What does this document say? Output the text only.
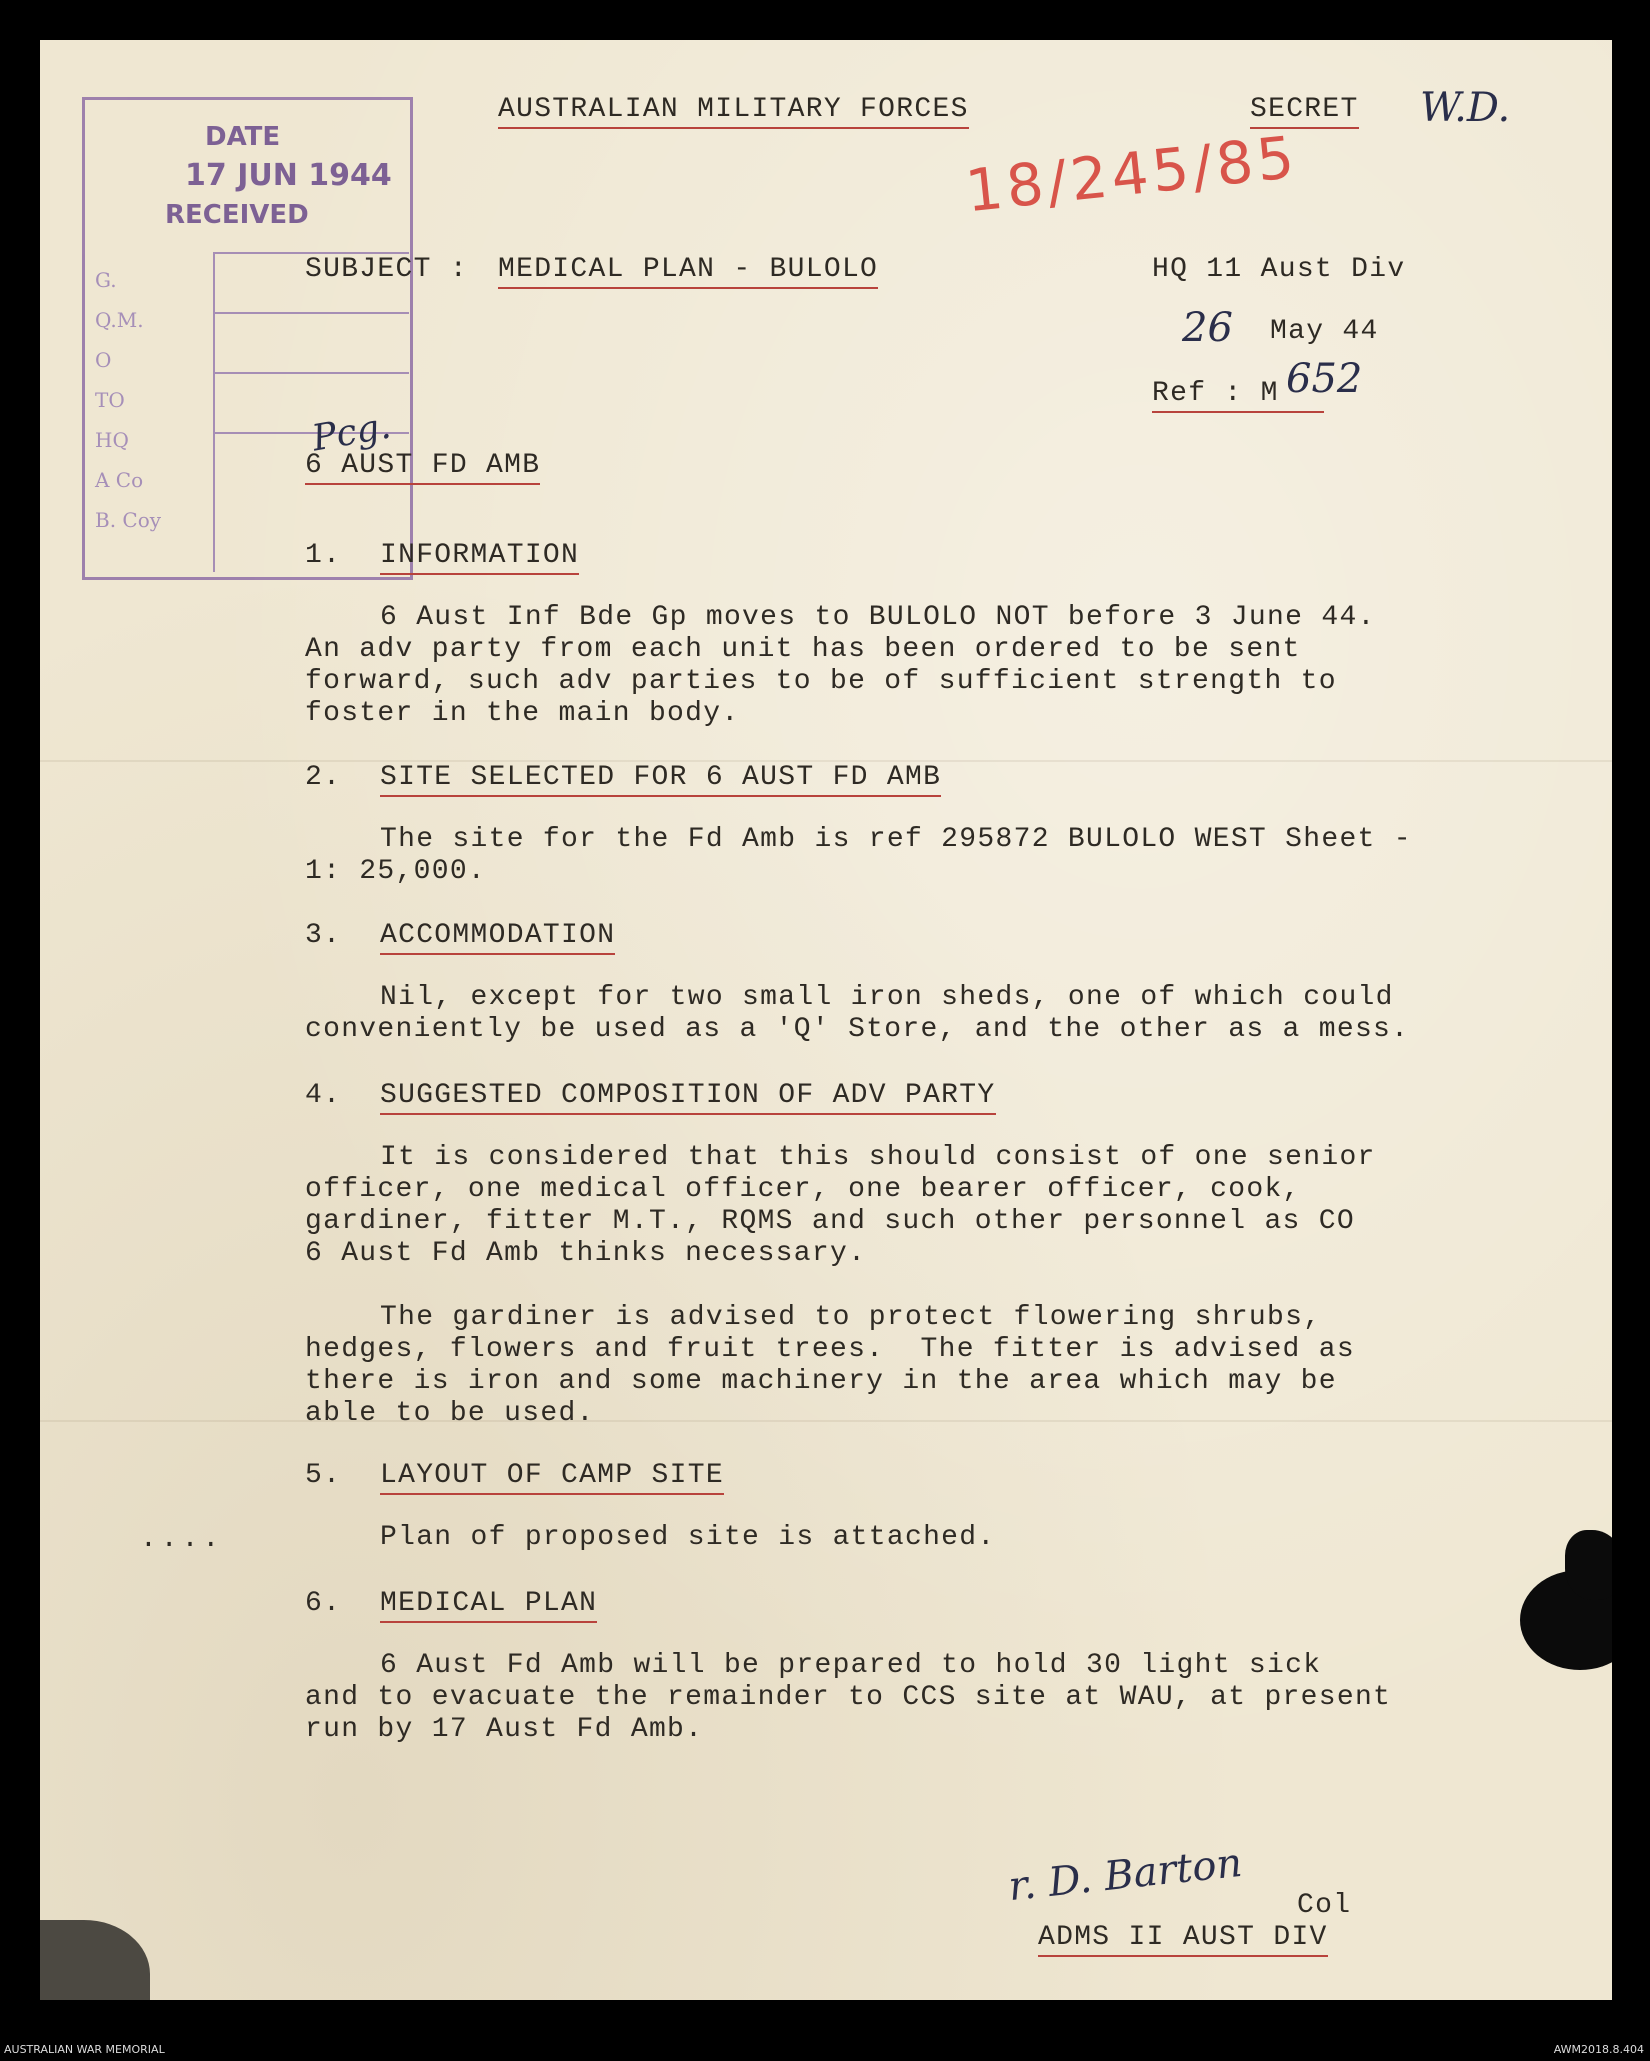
DATE
17 JUN 1944
RECEIVED
G.
Q.M.
O
TO
HQ
A Co
B. Coy
AUSTRALIAN MILITARY FORCES	SECRET W.D.
18/245/85
SUBJECT : MEDICAL PLAN - BULOLO	HQ 11 Aust Div
26 May 44
Ref : M 652
Pcg.
6 AUST FD AMB
1. INFORMATION
6 Aust Inf Bde Gp moves to BULOLO NOT before 3 June 44.
An adv party from each unit has been ordered to be sent
forward, such adv parties to be of sufficient strength to
foster in the main body.
2. SITE SELECTED FOR 6 AUST FD AMB
The site for the Fd Amb is ref 295872 BULOLO WEST Sheet -
1: 25,000.
3. ACCOMMODATION
Nil, except for two small iron sheds, one of which could
conveniently be used as a 'Q' Store, and the other as a mess.
4. SUGGESTED COMPOSITION OF ADV PARTY
It is considered that this should consist of one senior
officer, one medical officer, one bearer officer, cook,
gardiner, fitter M.T., RQMS and such other personnel as CO
6 Aust Fd Amb thinks necessary.
The gardiner is advised to protect flowering shrubs,
hedges, flowers and fruit trees.  The fitter is advised as
there is iron and some machinery in the area which may be
able to be used.
5. LAYOUT OF CAMP SITE
....	Plan of proposed site is attached.
6. MEDICAL PLAN
6 Aust Fd Amb will be prepared to hold 30 light sick
and to evacuate the remainder to CCS site at WAU, at present
run by 17 Aust Fd Amb.
r. D. Barton Col
ADMS II AUST DIV
AUSTRALIAN WAR MEMORIAL	AWM2018.8.404
